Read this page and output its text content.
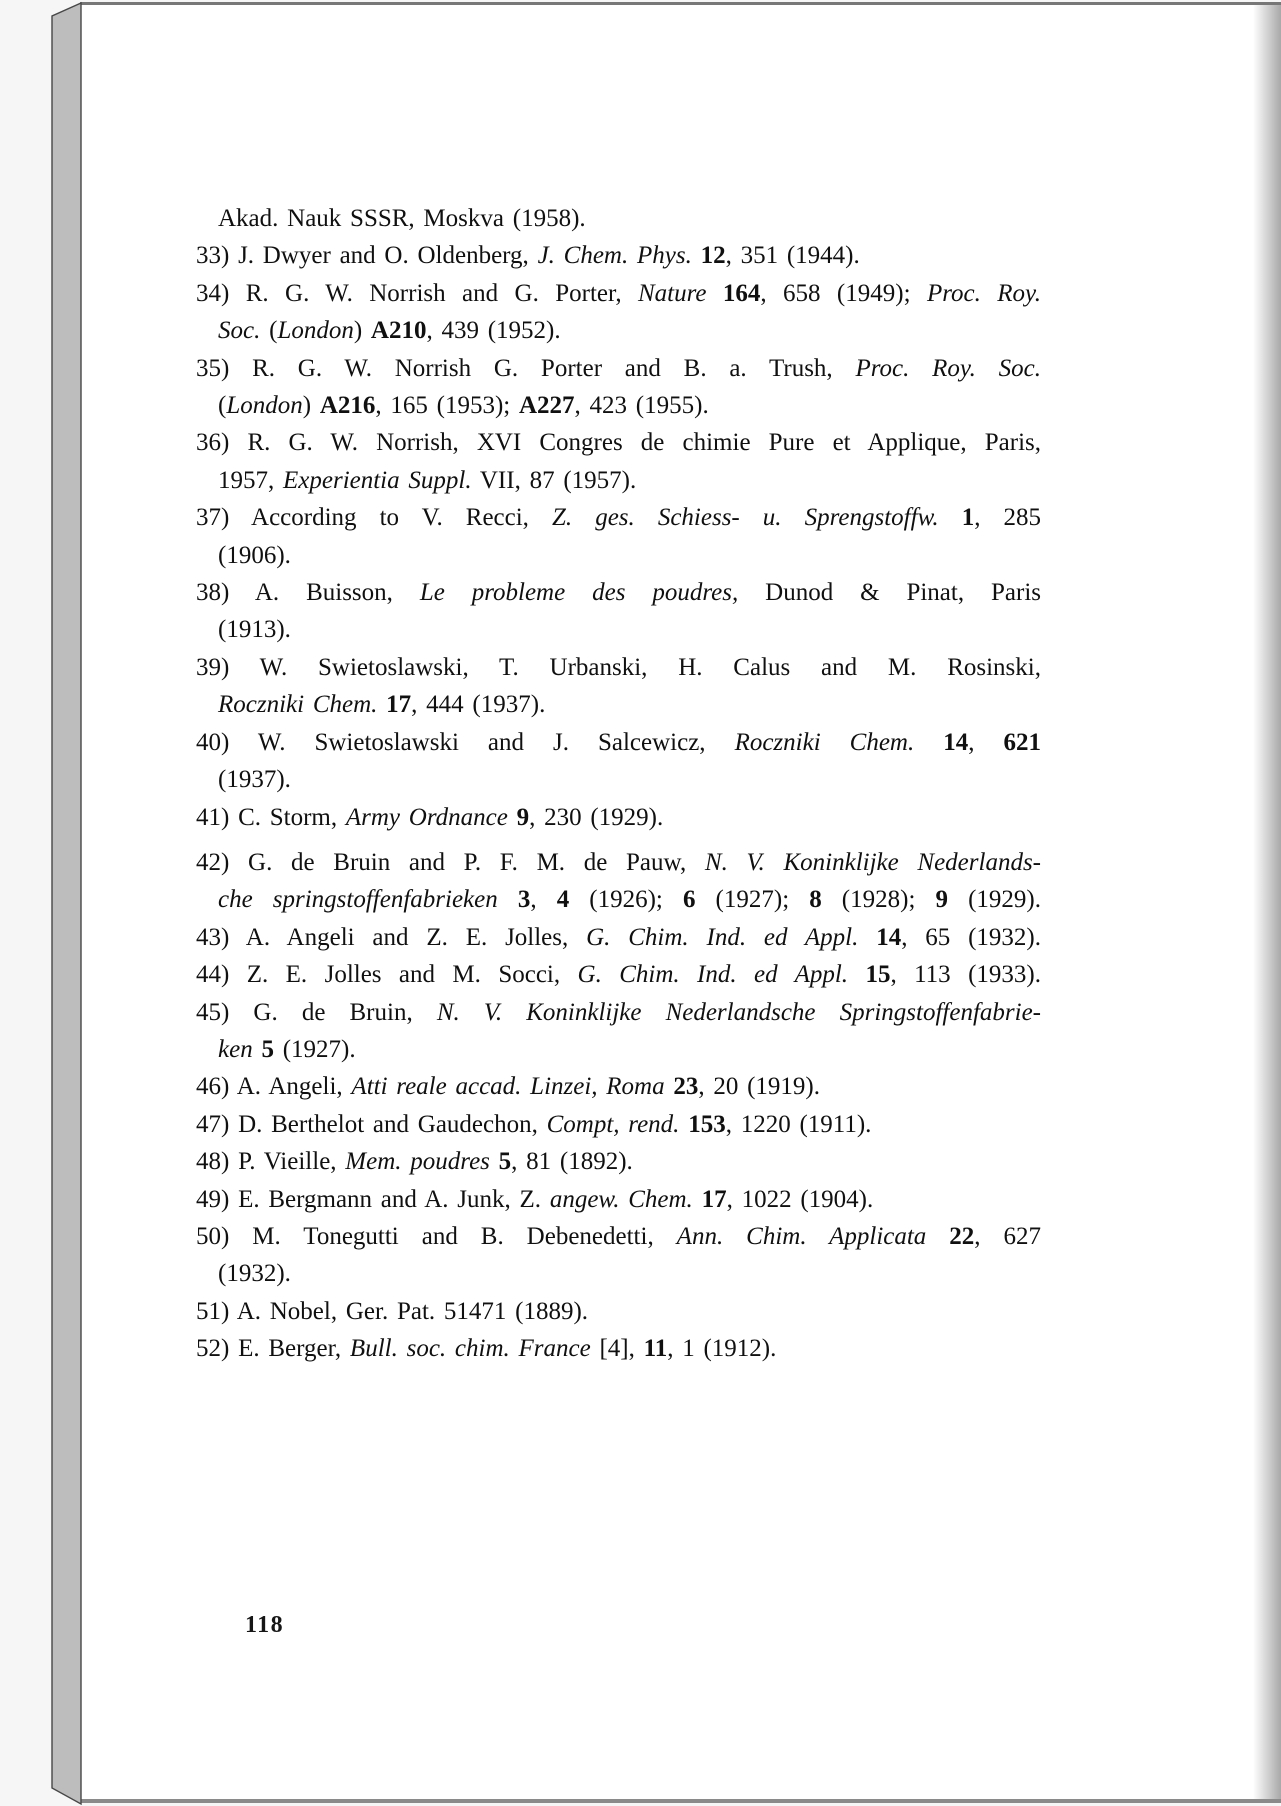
Akad. Nauk SSSR, Moskva (1958).
33) J. Dwyer and O. Oldenberg, J. Chem. Phys. 12, 351 (1944).
34) R. G. W. Norrish and G. Porter, Nature 164, 658 (1949); Proc. Roy.
Soc. (London) A210, 439 (1952).
35) R. G. W. Norrish G. Porter and B. a. Trush, Proc. Roy. Soc.
(London) A216, 165 (1953); A227, 423 (1955).
36) R. G. W. Norrish, XVI Congres de chimie Pure et Applique, Paris,
1957, Experientia Suppl. VII, 87 (1957).
37) According to V. Recci, Z. ges. Schiess- u. Sprengstoffw. 1, 285
(1906).
38) A. Buisson, Le probleme des poudres, Dunod & Pinat, Paris
(1913).
39) W. Swietoslawski, T. Urbanski, H. Calus and M. Rosinski,
Roczniki Chem. 17, 444 (1937).
40) W. Swietoslawski and J. Salcewicz, Roczniki Chem. 14, 621
(1937).
41) C. Storm, Army Ordnance 9, 230 (1929).
42) G. de Bruin and P. F. M. de Pauw, N. V. Koninklijke Nederlands-
che springstoffenfabrieken 3, 4 (1926); 6 (1927); 8 (1928); 9 (1929).
43) A. Angeli and Z. E. Jolles, G. Chim. Ind. ed Appl. 14, 65 (1932).
44) Z. E. Jolles and M. Socci, G. Chim. Ind. ed Appl. 15, 113 (1933).
45) G. de Bruin, N. V. Koninklijke Nederlandsche Springstoffenfabrie-
ken 5 (1927).
46) A. Angeli, Atti reale accad. Linzei, Roma 23, 20 (1919).
47) D. Berthelot and Gaudechon, Compt, rend. 153, 1220 (1911).
48) P. Vieille, Mem. poudres 5, 81 (1892).
49) E. Bergmann and A. Junk, Z. angew. Chem. 17, 1022 (1904).
50) M. Tonegutti and B. Debenedetti, Ann. Chim. Applicata 22, 627
(1932).
51) A. Nobel, Ger. Pat. 51471 (1889).
52) E. Berger, Bull. soc. chim. France [4], 11, 1 (1912).
118
